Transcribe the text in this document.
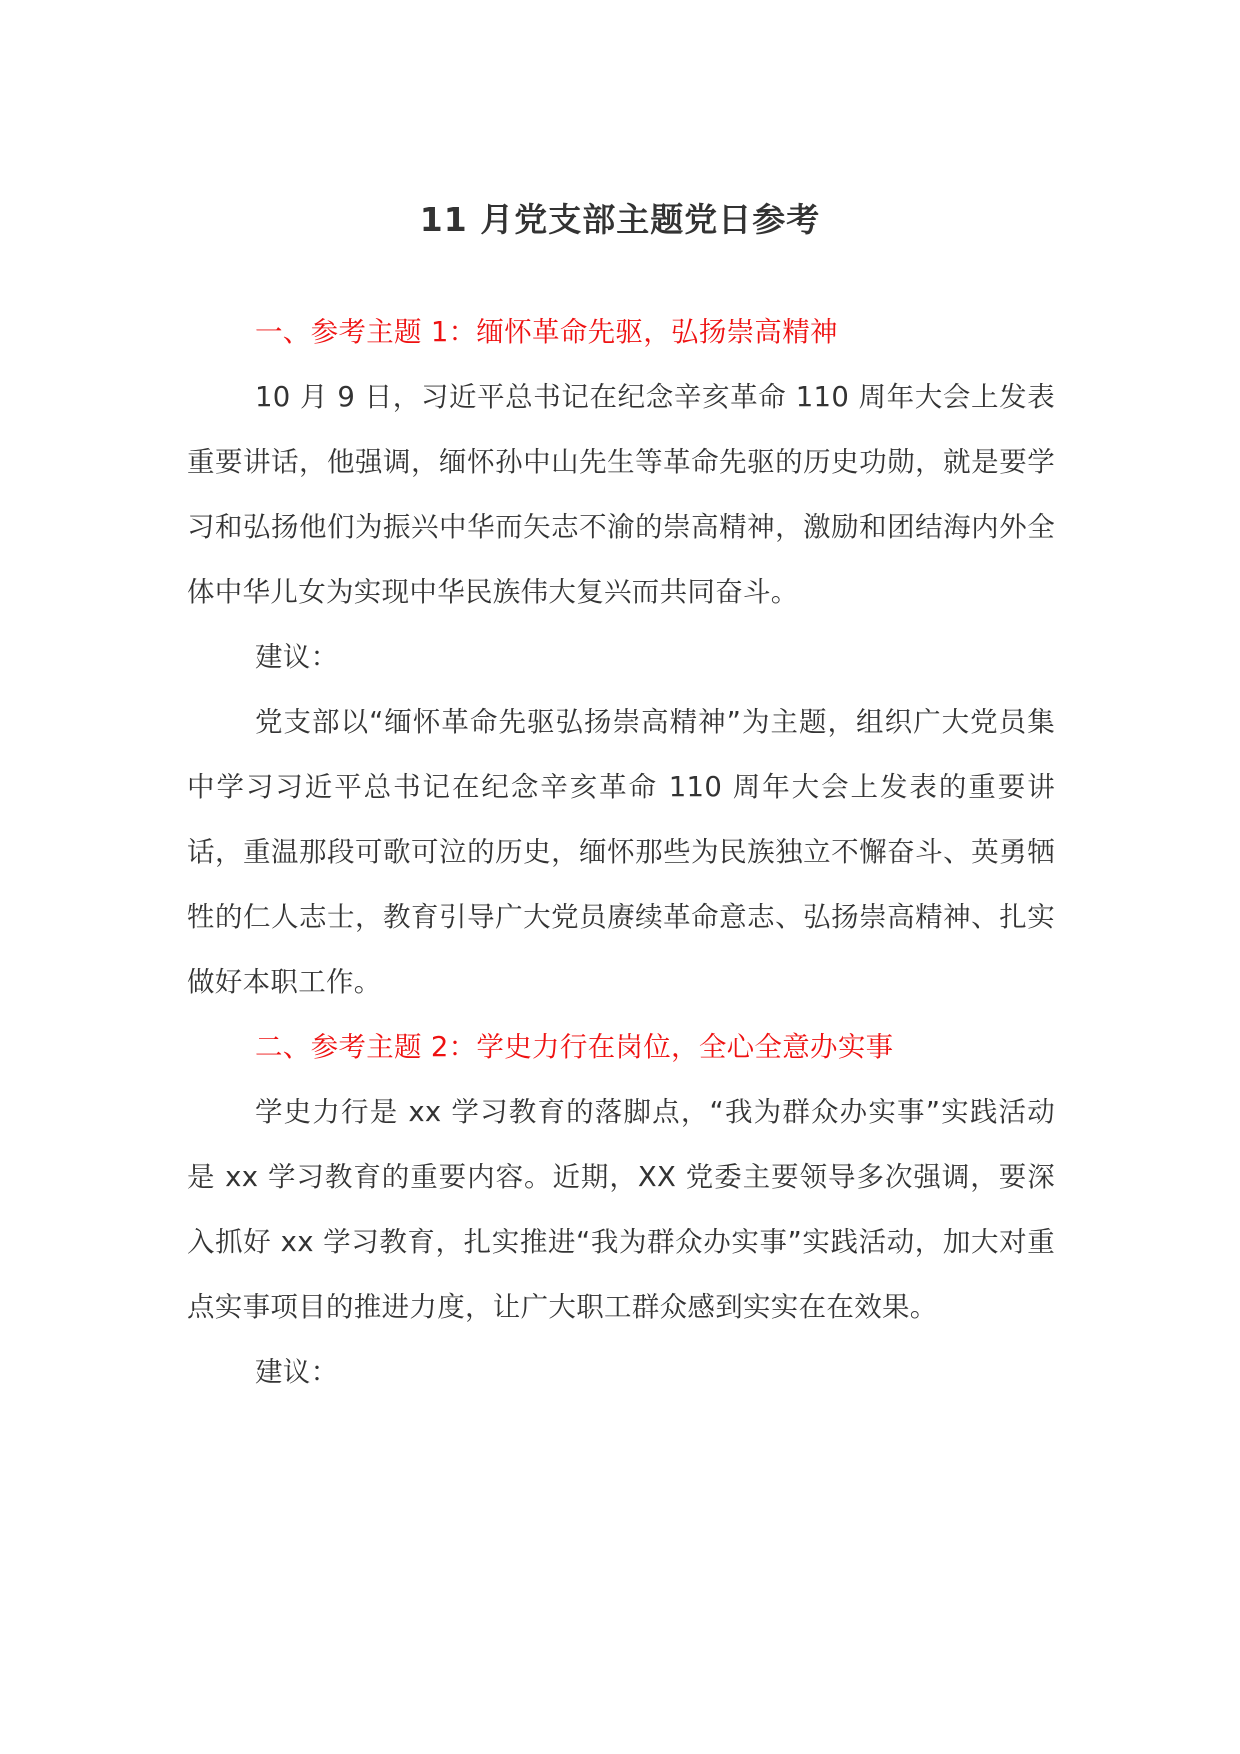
11 月党支部主题党日参考

一、参考主题 1：缅怀革命先驱，弘扬崇高精神

10 月 9 日，习近平总书记在纪念辛亥革命 110 周年大会上发表重要讲话，他强调，缅怀孙中山先生等革命先驱的历史功勋，就是要学习和弘扬他们为振兴中华而矢志不渝的崇高精神，激励和团结海内外全体中华儿女为实现中华民族伟大复兴而共同奋斗。

建议：

党支部以“缅怀革命先驱弘扬崇高精神”为主题，组织广大党员集中学习习近平总书记在纪念辛亥革命 110 周年大会上发表的重要讲话，重温那段可歌可泣的历史，缅怀那些为民族独立不懈奋斗、英勇牺牲的仁人志士，教育引导广大党员赓续革命意志、弘扬崇高精神、扎实做好本职工作。

二、参考主题 2：学史力行在岗位，全心全意办实事

学史力行是 xx 学习教育的落脚点，“我为群众办实事”实践活动是 xx 学习教育的重要内容。近期，XX 党委主要领导多次强调，要深入抓好 xx 学习教育，扎实推进“我为群众办实事”实践活动，加大对重点实事项目的推进力度，让广大职工群众感到实实在在效果。

建议：
